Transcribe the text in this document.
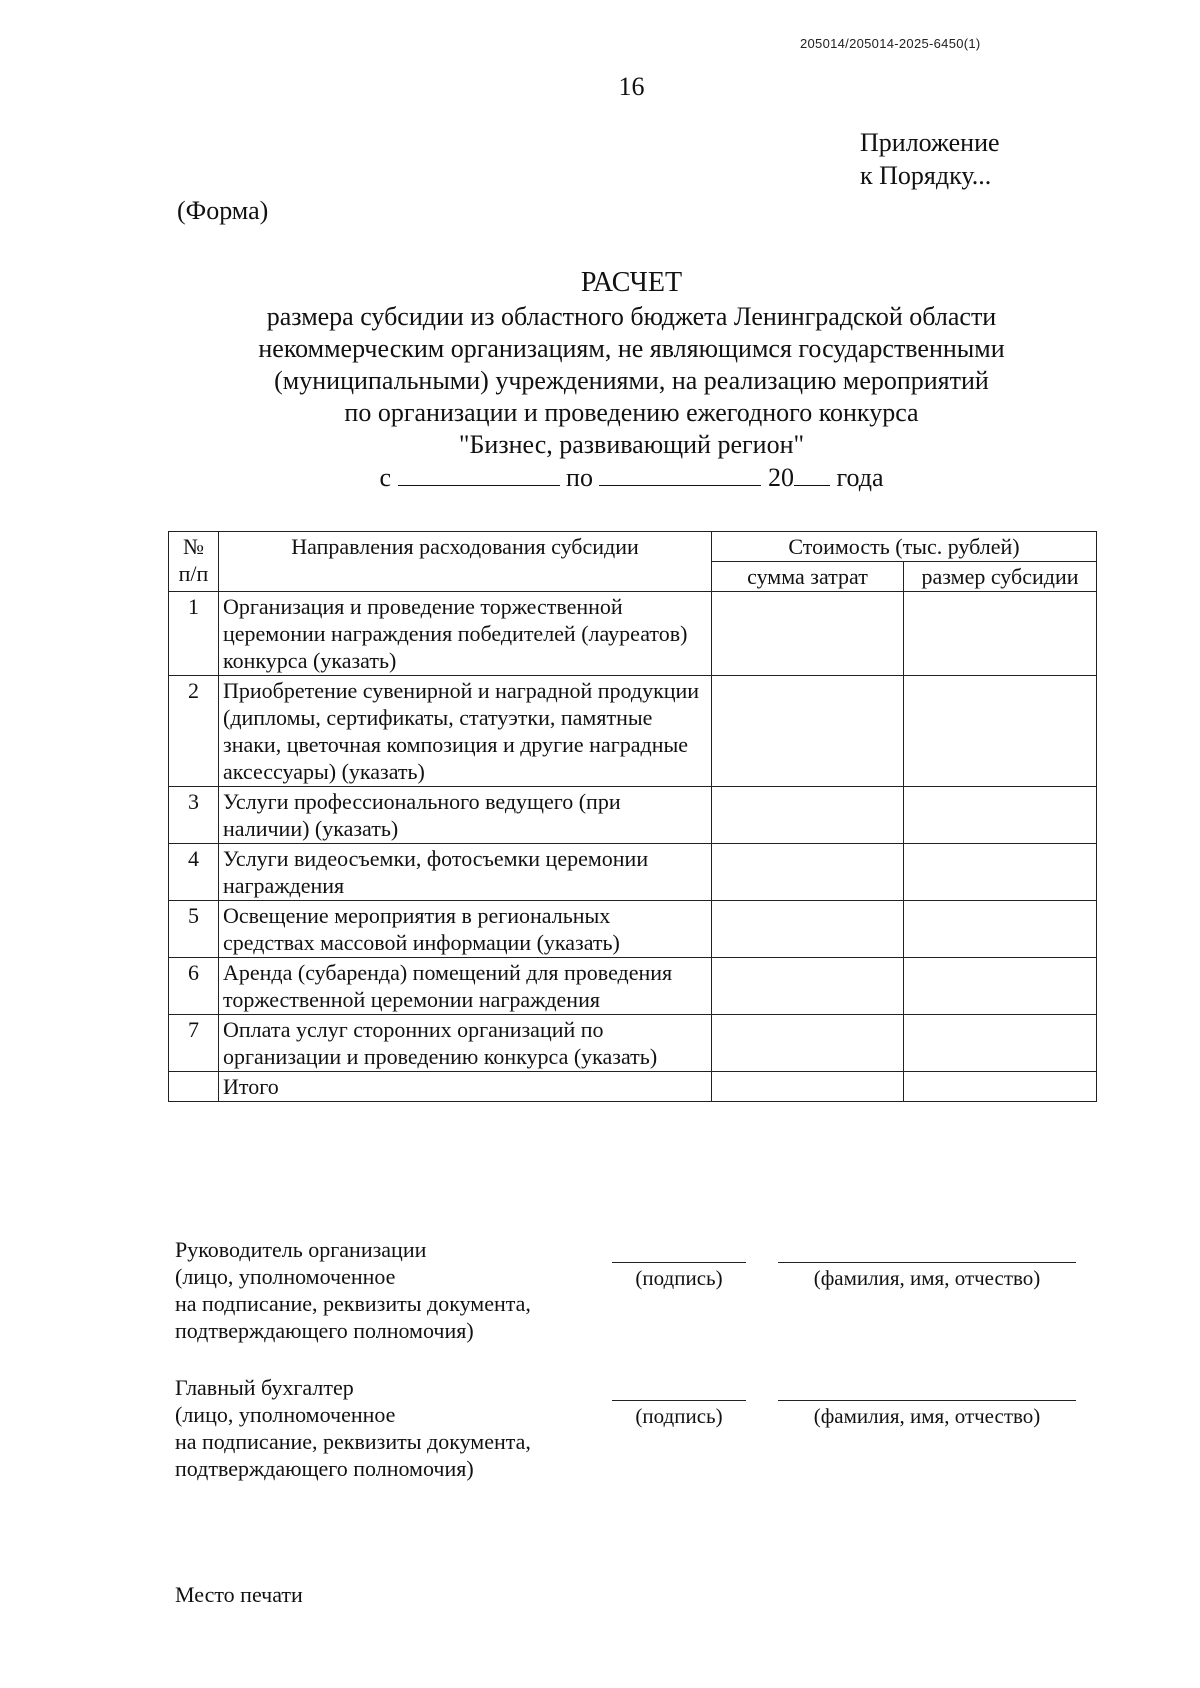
205014/205014-2025-6450(1)
16
Приложение
к Порядку...
(Форма)
РАСЧЕТ
размера субсидии из областного бюджета Ленинградской области
некоммерческим организациям, не являющимся государственными
(муниципальными) учреждениями, на реализацию мероприятий
по организации и проведению ежегодного конкурса
"Бизнес, развивающий регион"
с	по	20 года
№ п/п	Направления расходования субсидии	Стоимость (тыс. рублей)	
		сумма затрат	размер субсидии
1	Организация и проведение торжественной церемонии награждения победителей (лауреатов) конкурса (указать)		
2	Приобретение сувенирной и наградной продукции (дипломы, сертификаты, статуэтки, памятные знаки, цветочная композиция и другие наградные аксессуары) (указать)		
3	Услуги профессионального ведущего (при наличии) (указать)		
4	Услуги видеосъемки, фотосъемки церемонии награждения		
5	Освещение мероприятия в региональных средствах массовой информации (указать)		
6	Аренда (субаренда) помещений для проведения торжественной церемонии награждения		
7	Оплата услуг сторонних организаций по организации и проведению конкурса (указать)		
	Итого		
Руководитель организации
(лицо, уполномоченное
на подписание, реквизиты документа,
подтверждающего полномочия)
(подпись)	(фамилия, имя, отчество)
Главный бухгалтер
(лицо, уполномоченное
на подписание, реквизиты документа,
подтверждающего полномочия)
(подпись)	(фамилия, имя, отчество)
Место печати
